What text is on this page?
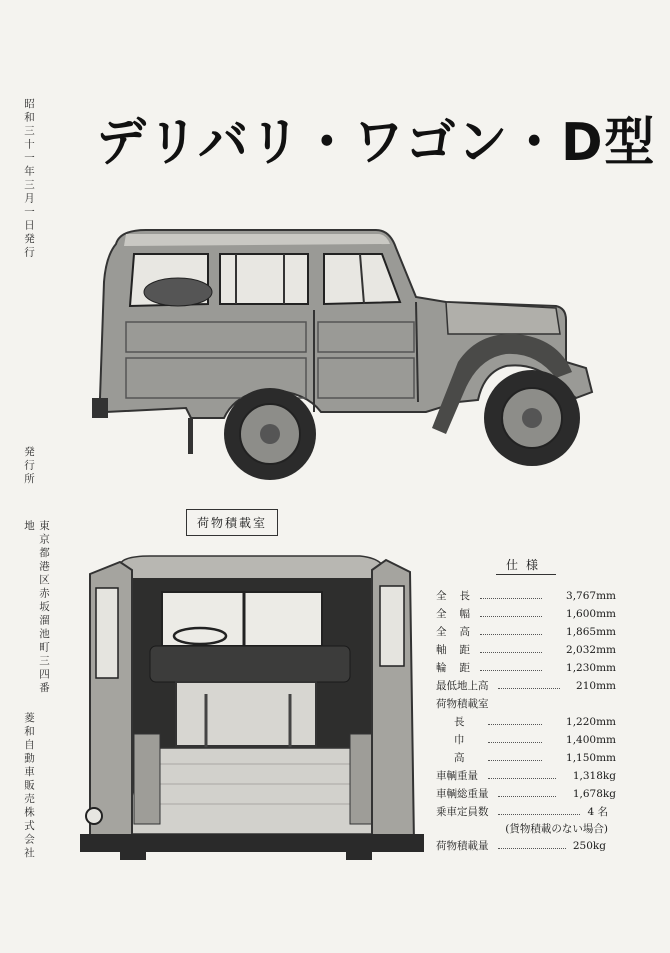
昭和三十一年三月一日発行
発行所
東京都港区赤坂溜池町三四番地
菱和自動車販売株式会社
デリバリ・ワゴン・D型
荷物積載室
仕様
全長	3,767mm
全幅	1,600mm
全高	1,865mm
軸距	2,032mm
輪距	1,230mm
最低地上高	210mm
荷物積載室
長	1,220mm
巾	1,400mm
高	1,150mm
車輌重量	1,318kg
車輌総重量	1,678kg
乗車定員数	4 名
(貨物積載のない場合)
荷物積載量	250kg
